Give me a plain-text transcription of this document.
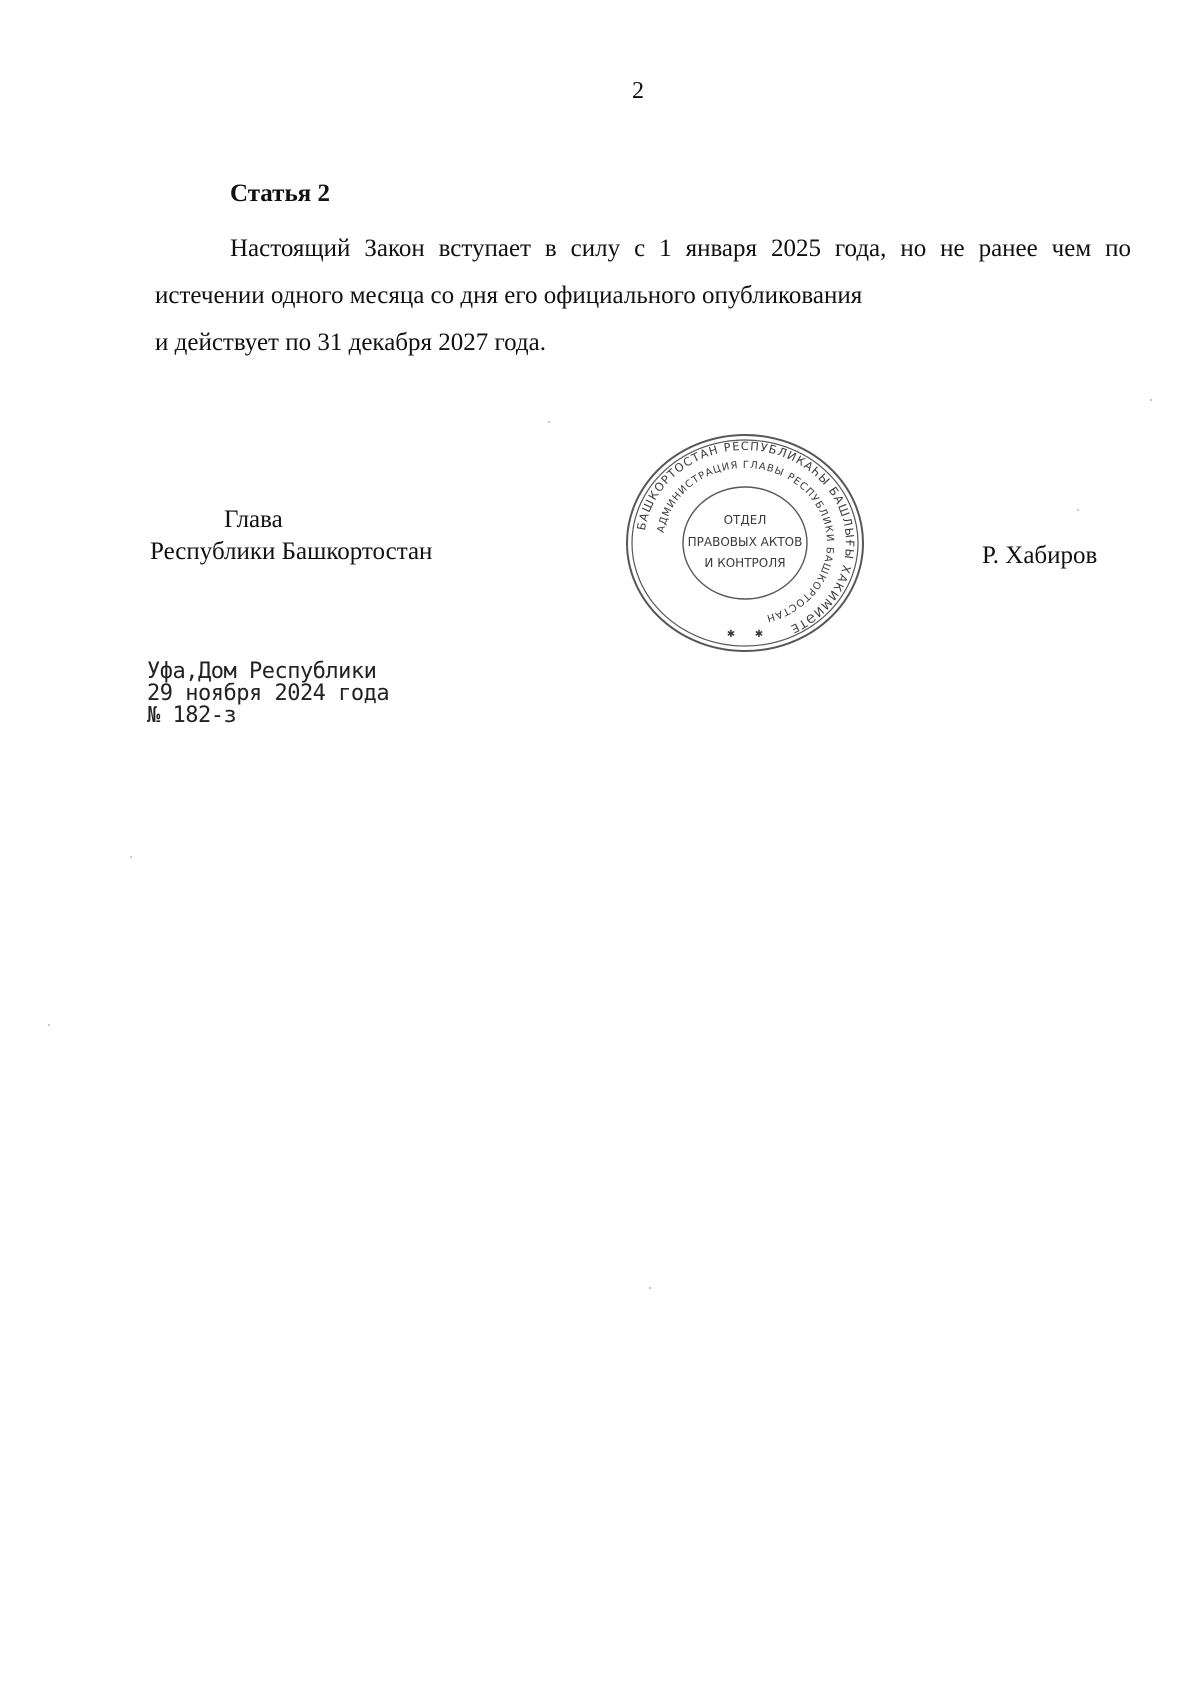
2
Статья 2
Настоящий Закон вступает в силу с 1 января 2025 года, но не ранее чем по истечении одного месяца со дня его официального опубликования
и действует по 31 декабря 2027 года.
Глава
Республики Башкортостан	Р. Хабиров
БАШКОРТОСТАН РЕСПУБЛИКАҺЫ БАШЛЫҒЫ ХАКИМИӘТЕ
АДМИНИСТРАЦИЯ ГЛАВЫ РЕСПУБЛИКИ БАШКОРТОСТАН
ОТДЕЛ
ПРАВОВЫХ АКТОВ
И КОНТРОЛЯ
✱ ✱
Уфа,Дом Республики
29 ноября 2024 года
№ 182-з
